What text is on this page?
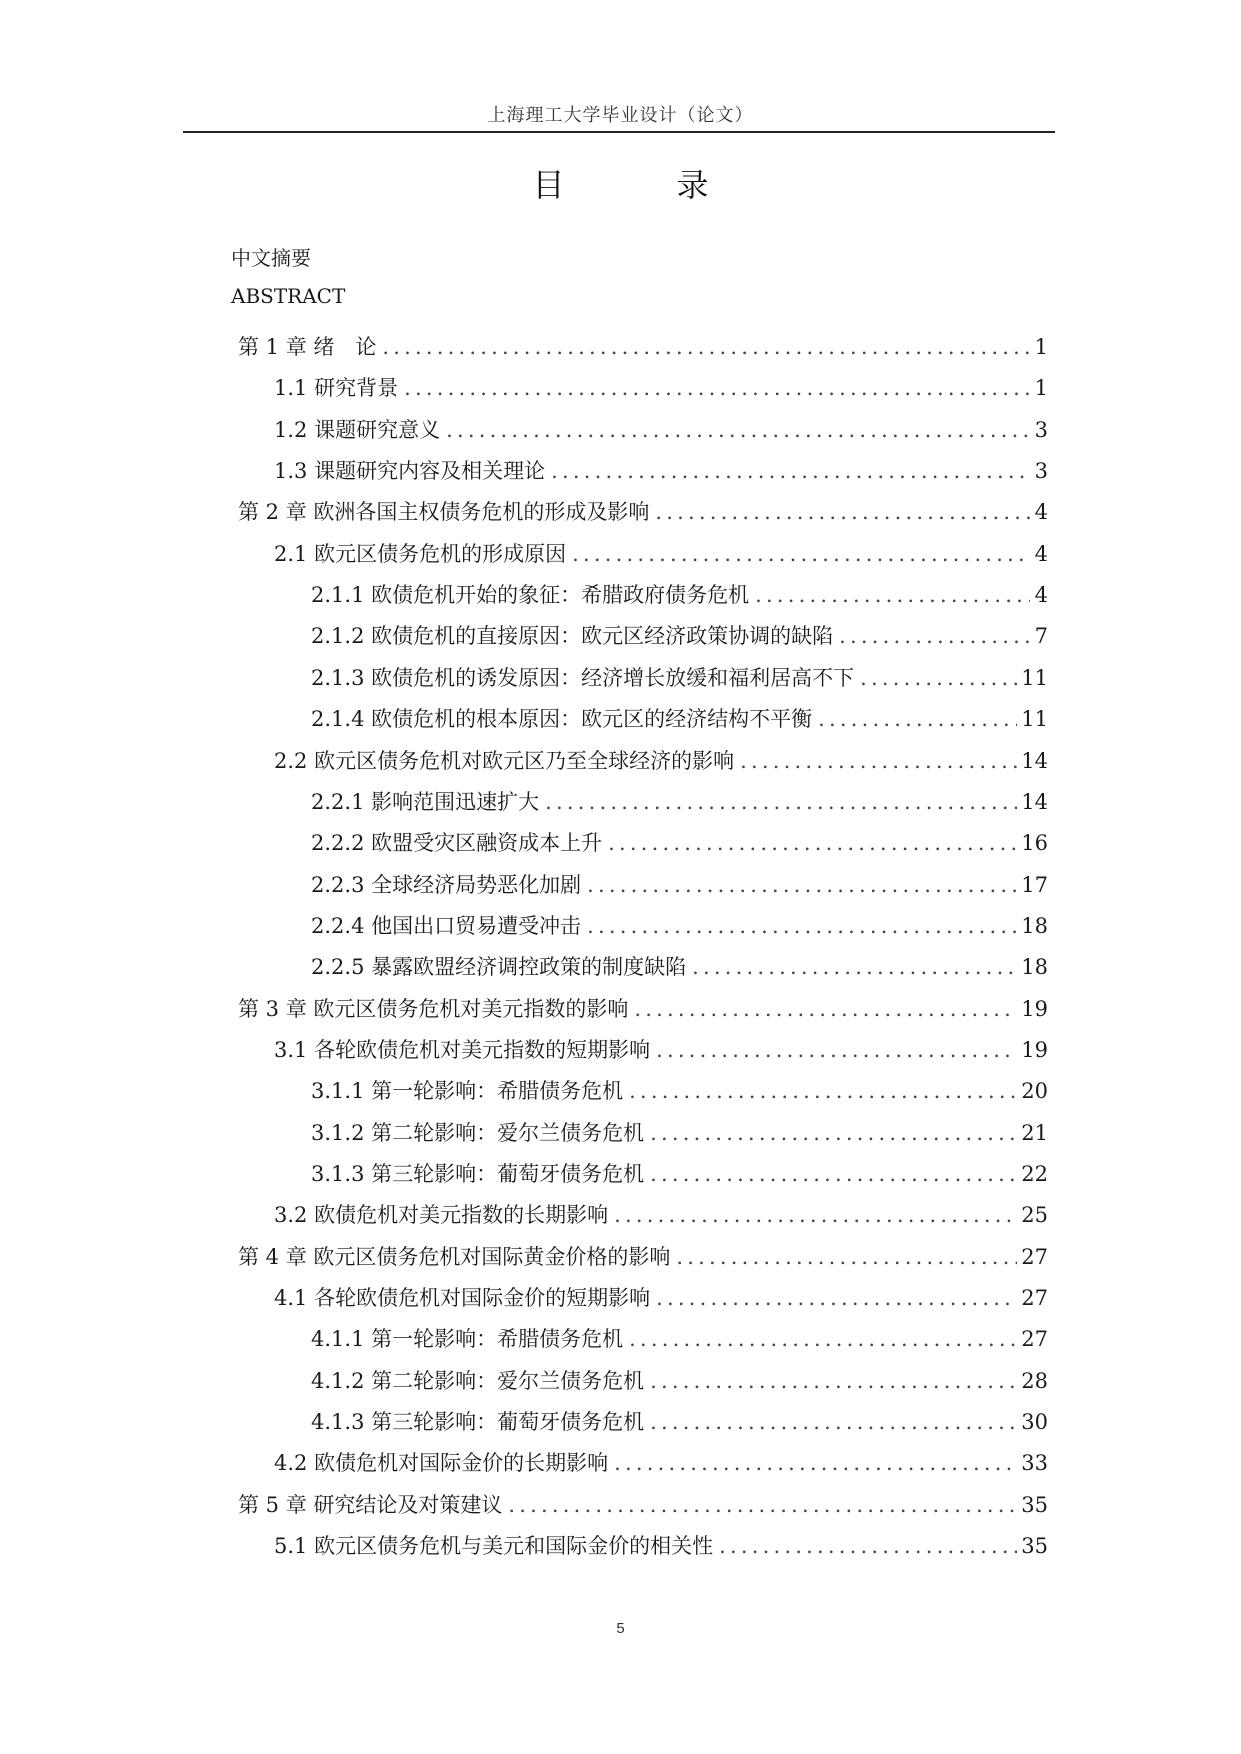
上海理工大学毕业设计（论文）
目　录
中文摘要
ABSTRACT
第 1 章 绪　论 .....	1
1.1 研究背景 .....	1
1.2 课题研究意义 .....	3
1.3 课题研究内容及相关理论 .....	3
第 2 章 欧洲各国主权债务危机的形成及影响 .....	4
2.1 欧元区债务危机的形成原因 .....	4
2.1.1 欧债危机开始的象征：希腊政府债务危机 .....	4
2.1.2 欧债危机的直接原因：欧元区经济政策协调的缺陷 .....	7
2.1.3 欧债危机的诱发原因：经济增长放缓和福利居高不下 .....	11
2.1.4 欧债危机的根本原因：欧元区的经济结构不平衡 .....	11
2.2 欧元区债务危机对欧元区乃至全球经济的影响 .....	14
2.2.1 影响范围迅速扩大 .....	14
2.2.2 欧盟受灾区融资成本上升 .....	16
2.2.3 全球经济局势恶化加剧 .....	17
2.2.4 他国出口贸易遭受冲击 .....	18
2.2.5 暴露欧盟经济调控政策的制度缺陷 .....	18
第 3 章 欧元区债务危机对美元指数的影响 .....	19
3.1 各轮欧债危机对美元指数的短期影响 .....	19
3.1.1 第一轮影响：希腊债务危机 .....	20
3.1.2 第二轮影响：爱尔兰债务危机 .....	21
3.1.3 第三轮影响：葡萄牙债务危机 .....	22
3.2 欧债危机对美元指数的长期影响 .....	25
第 4 章 欧元区债务危机对国际黄金价格的影响 .....	27
4.1 各轮欧债危机对国际金价的短期影响 .....	27
4.1.1 第一轮影响：希腊债务危机 .....	27
4.1.2 第二轮影响：爱尔兰债务危机 .....	28
4.1.3 第三轮影响：葡萄牙债务危机 .....	30
4.2 欧债危机对国际金价的长期影响 .....	33
第 5 章 研究结论及对策建议 .....	35
5.1 欧元区债务危机与美元和国际金价的相关性 .....	35
5
